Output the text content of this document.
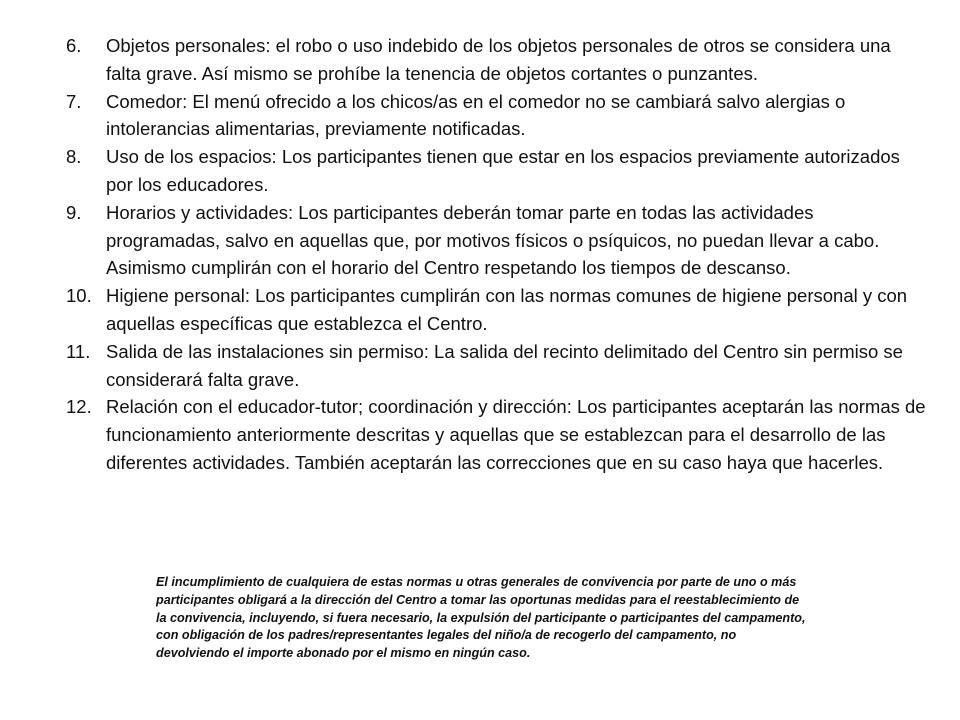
6.	Objetos personales: el robo o uso indebido de los objetos personales de otros se considera una falta grave. Así mismo se prohíbe la tenencia de objetos cortantes o punzantes.
7.	Comedor: El menú ofrecido a los chicos/as en el comedor no se cambiará salvo alergias o intolerancias alimentarias, previamente notificadas.
8.	Uso de los espacios: Los participantes tienen que estar en los espacios previamente autorizados por los educadores.
9.	Horarios y actividades: Los participantes deberán tomar parte en todas las actividades programadas, salvo en aquellas que, por motivos físicos o psíquicos, no puedan llevar a cabo. Asimismo cumplirán con el horario del Centro respetando los tiempos de descanso.
10. Higiene personal: Los participantes cumplirán con las normas comunes de higiene personal y con aquellas específicas que establezca el Centro.
11. Salida de las instalaciones sin permiso: La salida del recinto delimitado del Centro sin permiso se considerará falta grave.
12. Relación con el educador-tutor; coordinación y dirección: Los participantes aceptarán las normas de funcionamiento anteriormente descritas y aquellas que se establezcan para el desarrollo de las diferentes actividades. También aceptarán las correcciones que en su caso haya que hacerles.

El incumplimiento de cualquiera de estas normas u otras generales de convivencia por parte de uno o más participantes obligará a la dirección del Centro a tomar las oportunas medidas para el reestablecimiento de la convivencia, incluyendo, si fuera necesario, la expulsión del participante o participantes del campamento, con obligación de los padres/representantes legales del niño/a de recogerlo del campamento, no devolviendo el importe abonado por el mismo en ningún caso.
